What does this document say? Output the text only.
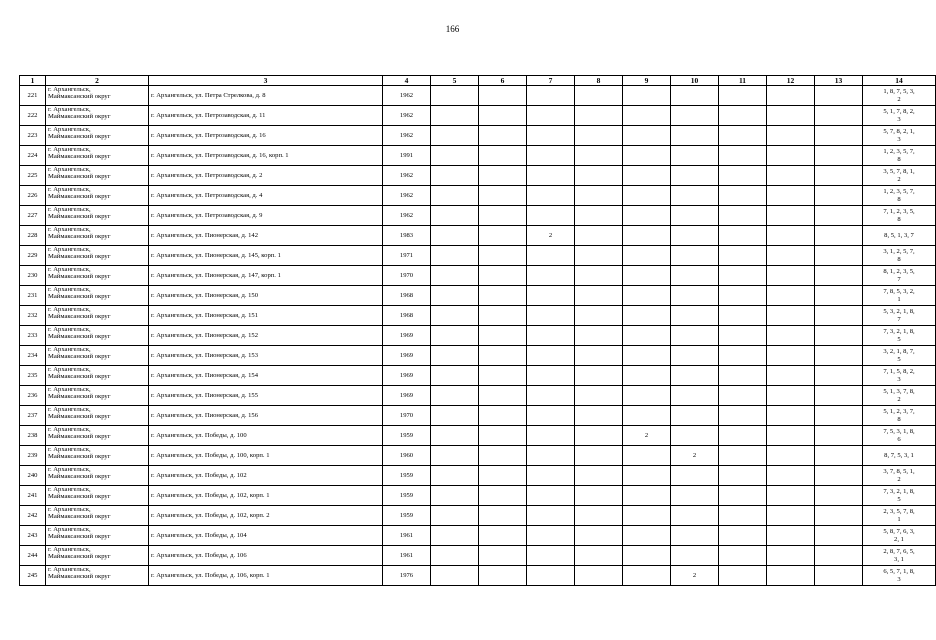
166
1	2	3	4	5	6	7	8	9	10	11	12	13	14
221	г. Архангельск,
Маймаксанский округ	г. Архангельск, ул. Петра Стрелкова, д. 8	1962										1, 8, 7, 5, 3,
2
222	г. Архангельск,
Маймаксанский округ	г. Архангельск, ул. Петрозаводская, д. 11	1962										5, 1, 7, 8, 2,
3
223	г. Архангельск,
Маймаксанский округ	г. Архангельск, ул. Петрозаводская, д. 16	1962										5, 7, 8, 2, 1,
3
224	г. Архангельск,
Маймаксанский округ	г. Архангельск, ул. Петрозаводская, д. 16, корп. 1	1991										1, 2, 3, 5, 7,
8
225	г. Архангельск,
Маймаксанский округ	г. Архангельск, ул. Петрозаводская, д. 2	1962										3, 5, 7, 8, 1,
2
226	г. Архангельск,
Маймаксанский округ	г. Архангельск, ул. Петрозаводская, д. 4	1962										1, 2, 3, 5, 7,
8
227	г. Архангельск,
Маймаксанский округ	г. Архангельск, ул. Петрозаводская, д. 9	1962										7, 1, 2, 3, 5,
8
228	г. Архангельск,
Маймаксанский округ	г. Архангельск, ул. Пионерская, д. 142	1983			2							8, 5, 1, 3, 7
229	г. Архангельск,
Маймаксанский округ	г. Архангельск, ул. Пионерская, д. 145, корп. 1	1971										3, 1, 2, 5, 7,
8
230	г. Архангельск,
Маймаксанский округ	г. Архангельск, ул. Пионерская, д. 147, корп. 1	1970										8, 1, 2, 3, 5,
7
231	г. Архангельск,
Маймаксанский округ	г. Архангельск, ул. Пионерская, д. 150	1968										7, 8, 5, 3, 2,
1
232	г. Архангельск,
Маймаксанский округ	г. Архангельск, ул. Пионерская, д. 151	1968										5, 3, 2, 1, 8,
7
233	г. Архангельск,
Маймаксанский округ	г. Архангельск, ул. Пионерская, д. 152	1969										7, 3, 2, 1, 8,
5
234	г. Архангельск,
Маймаксанский округ	г. Архангельск, ул. Пионерская, д. 153	1969										3, 2, 1, 8, 7,
5
235	г. Архангельск,
Маймаксанский округ	г. Архангельск, ул. Пионерская, д. 154	1969										7, 1, 5, 8, 2,
3
236	г. Архангельск,
Маймаксанский округ	г. Архангельск, ул. Пионерская, д. 155	1969										5, 1, 3, 7, 8,
2
237	г. Архангельск,
Маймаксанский округ	г. Архангельск, ул. Пионерская, д. 156	1970										5, 1, 2, 3, 7,
8
238	г. Архангельск,
Маймаксанский округ	г. Архангельск, ул. Победы, д. 100	1959					2					7, 5, 3, 1, 8,
6
239	г. Архангельск,
Маймаксанский округ	г. Архангельск, ул. Победы, д. 100, корп. 1	1960						2				8, 7, 5, 3, 1
240	г. Архангельск,
Маймаксанский округ	г. Архангельск, ул. Победы, д. 102	1959										3, 7, 8, 5, 1,
2
241	г. Архангельск,
Маймаксанский округ	г. Архангельск, ул. Победы, д. 102, корп. 1	1959										7, 3, 2, 1, 8,
5
242	г. Архангельск,
Маймаксанский округ	г. Архангельск, ул. Победы, д. 102, корп. 2	1959										2, 3, 5, 7, 8,
1
243	г. Архангельск,
Маймаксанский округ	г. Архангельск, ул. Победы, д. 104	1961										5, 8, 7, 6, 3,
2, 1
244	г. Архангельск,
Маймаксанский округ	г. Архангельск, ул. Победы, д. 106	1961										2, 8, 7, 6, 5,
3, 1
245	г. Архангельск,
Маймаксанский округ	г. Архангельск, ул. Победы, д. 106, корп. 1	1976						2				6, 5, 7, 1, 8,
3
